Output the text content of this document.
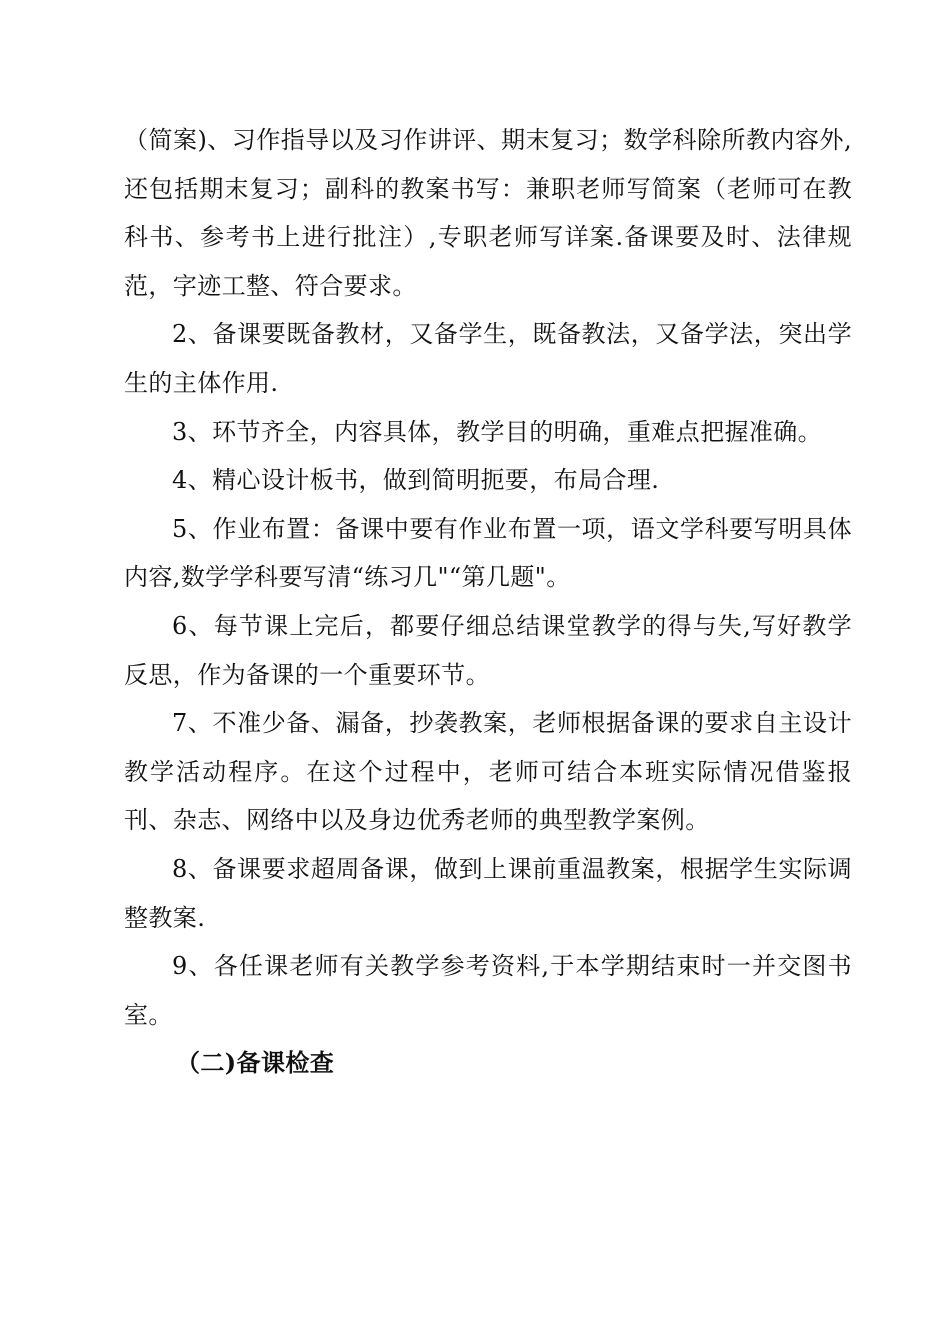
（简案)、习作指导以及习作讲评、期末复习；数学科除所教内容外,还包括期末复习；副科的教案书写：兼职老师写简案（老师可在教科书、参考书上进行批注）,专职老师写详案.备课要及时、法律规范，字迹工整、符合要求。

2、备课要既备教材，又备学生，既备教法，又备学法，突出学生的主体作用.

3、环节齐全，内容具体，教学目的明确，重难点把握准确。

4、精心设计板书，做到简明扼要，布局合理.

5、作业布置：备课中要有作业布置一项，语文学科要写明具体内容,数学学科要写清“练习几"“第几题"。

6、每节课上完后，都要仔细总结课堂教学的得与失,写好教学反思，作为备课的一个重要环节。

7、不准少备、漏备，抄袭教案，老师根据备课的要求自主设计教学活动程序。在这个过程中，老师可结合本班实际情况借鉴报刊、杂志、网络中以及身边优秀老师的典型教学案例。

8、备课要求超周备课，做到上课前重温教案，根据学生实际调整教案.

9、各任课老师有关教学参考资料,于本学期结束时一并交图书室。

（二)备课检查
